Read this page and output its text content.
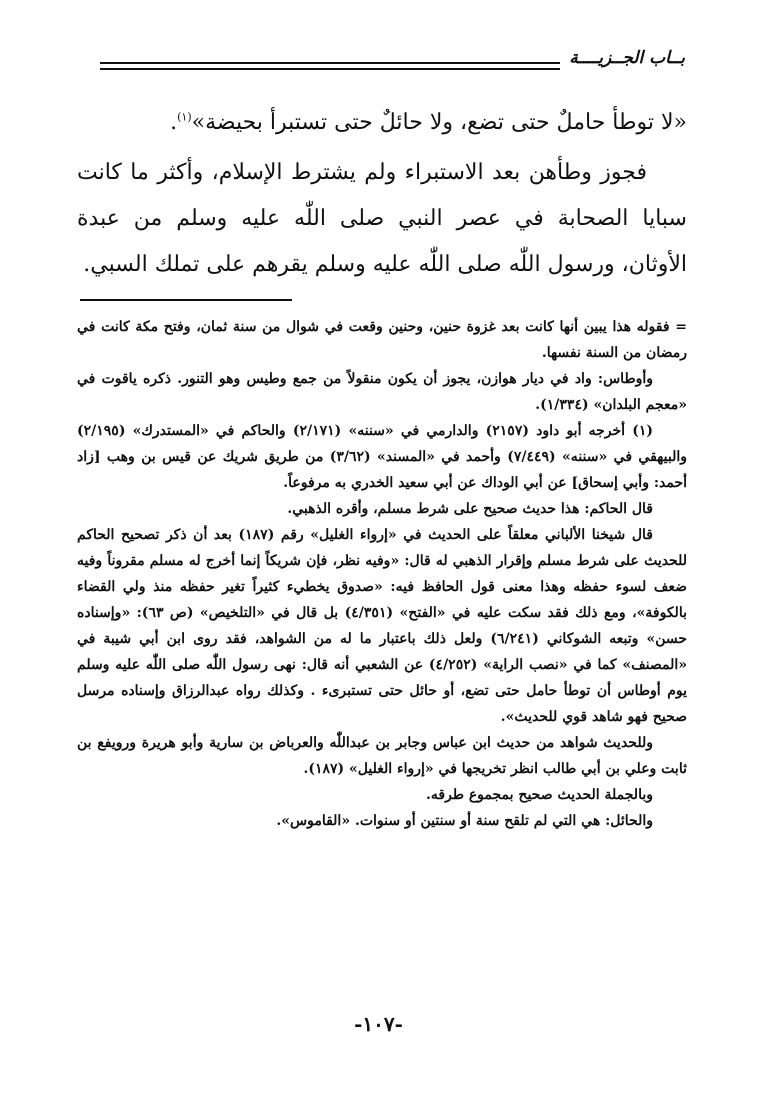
بــاب الجــزيــــة

«لا توطأ حاملٌ حتى تضع، ولا حائلٌ حتى تستبرأ بحيضة»$^{(١)}$.

فجوز وطأهن بعد الاستبراء ولم يشترط الإسلام، وأكثر ما كانت سبايا الصحابة في عصر النبي صلى اللّٰه عليه وسلم من عبدة الأوثان، ورسول اللّٰه صلى اللّٰه عليه وسلم يقرهم على تملك السبي.

= فقوله هذا يبين أنها كانت بعد غزوة حنين، وحنين وقعت في شوال من سنة ثمان، وفتح مكة كانت في رمضان من السنة نفسها.

وأوطاس: واد في ديار هوازن، يجوز أن يكون منقولاً من جمع وطيس وهو التنور. ذكره ياقوت في «معجم البلدان» (١/٣٣٤).

(١) أخرجه أبو داود (٢١٥٧) والدارمي في «سننه» (٢/١٧١) والحاكم في «المستدرك» (٢/١٩٥) والبيهقي في «سننه» (٧/٤٤٩) وأحمد في «المسند» (٣/٦٢) من طريق شريك عن قيس بن وهب [زاد أحمد: وأبي إسحاق] عن أبي الوداك عن أبي سعيد الخدري به مرفوعاً.

قال الحاكم: هذا حديث صحيح على شرط مسلم، وأقره الذهبي.

قال شيخنا الألباني معلقاً على الحديث في «إرواء الغليل» رقم (١٨٧) بعد أن ذكر تصحيح الحاكم للحديث على شرط مسلم وإقرار الذهبي له قال: «وفيه نظر، فإن شريكاً إنما أخرج له مسلم مقروناً وفيه ضعف لسوء حفظه وهذا معنى قول الحافظ فيه: «صدوق يخطيء كثيراً تغير حفظه منذ ولي القضاء بالكوفة»، ومع ذلك فقد سكت عليه في «الفتح» (٤/٣٥١) بل قال في «التلخيص» (ص ٦٣): «وإسناده حسن» وتبعه الشوكاني (٦/٢٤١) ولعل ذلك باعتبار ما له من الشواهد، فقد روى ابن أبي شيبة في «المصنف» كما في «نصب الراية» (٤/٢٥٢) عن الشعبي أنه قال: نهى رسول اللّٰه صلى اللّٰه عليه وسلم يوم أوطاس أن توطأ حامل حتى تضع، أو حائل حتى تستبرىء . وكذلك رواه عبدالرزاق وإسناده مرسل صحيح فهو شاهد قوي للحديث».

وللحديث شواهد من حديث ابن عباس وجابر بن عبداللّٰه والعرباض بن سارية وأبو هريرة ورويفع بن ثابت وعلي بن أبي طالب انظر تخريجها في «إرواء الغليل» (١٨٧).

وبالجملة الحديث صحيح بمجموع طرقه.

والحائل: هي التي لم تلقح سنة أو سنتين أو سنوات. «القاموس».

-١٠٧-
